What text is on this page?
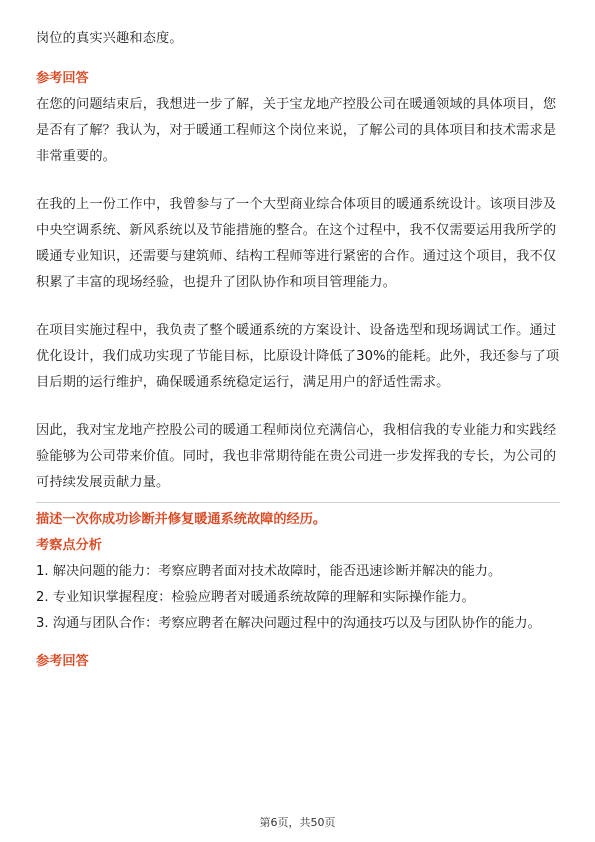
岗位的真实兴趣和态度。

参考回答

在您的问题结束后，我想进一步了解，关于宝龙地产控股公司在暖通领域的具体项目，您是否有了解？我认为，对于暖通工程师这个岗位来说，了解公司的具体项目和技术需求是非常重要的。

在我的上一份工作中，我曾参与了一个大型商业综合体项目的暖通系统设计。该项目涉及中央空调系统、新风系统以及节能措施的整合。在这个过程中，我不仅需要运用我所学的暖通专业知识，还需要与建筑师、结构工程师等进行紧密的合作。通过这个项目，我不仅积累了丰富的现场经验，也提升了团队协作和项目管理能力。

在项目实施过程中，我负责了整个暖通系统的方案设计、设备选型和现场调试工作。通过优化设计，我们成功实现了节能目标，比原设计降低了30%的能耗。此外，我还参与了项目后期的运行维护，确保暖通系统稳定运行，满足用户的舒适性需求。

因此，我对宝龙地产控股公司的暖通工程师岗位充满信心，我相信我的专业能力和实践经验能够为公司带来价值。同时，我也非常期待能在贵公司进一步发挥我的专长，为公司的可持续发展贡献力量。

描述一次你成功诊断并修复暖通系统故障的经历。

考察点分析

1. 解决问题的能力：考察应聘者面对技术故障时，能否迅速诊断并解决的能力。

2. 专业知识掌握程度：检验应聘者对暖通系统故障的理解和实际操作能力。

3. 沟通与团队合作：考察应聘者在解决问题过程中的沟通技巧以及与团队协作的能力。

参考回答

第6页，共50页
